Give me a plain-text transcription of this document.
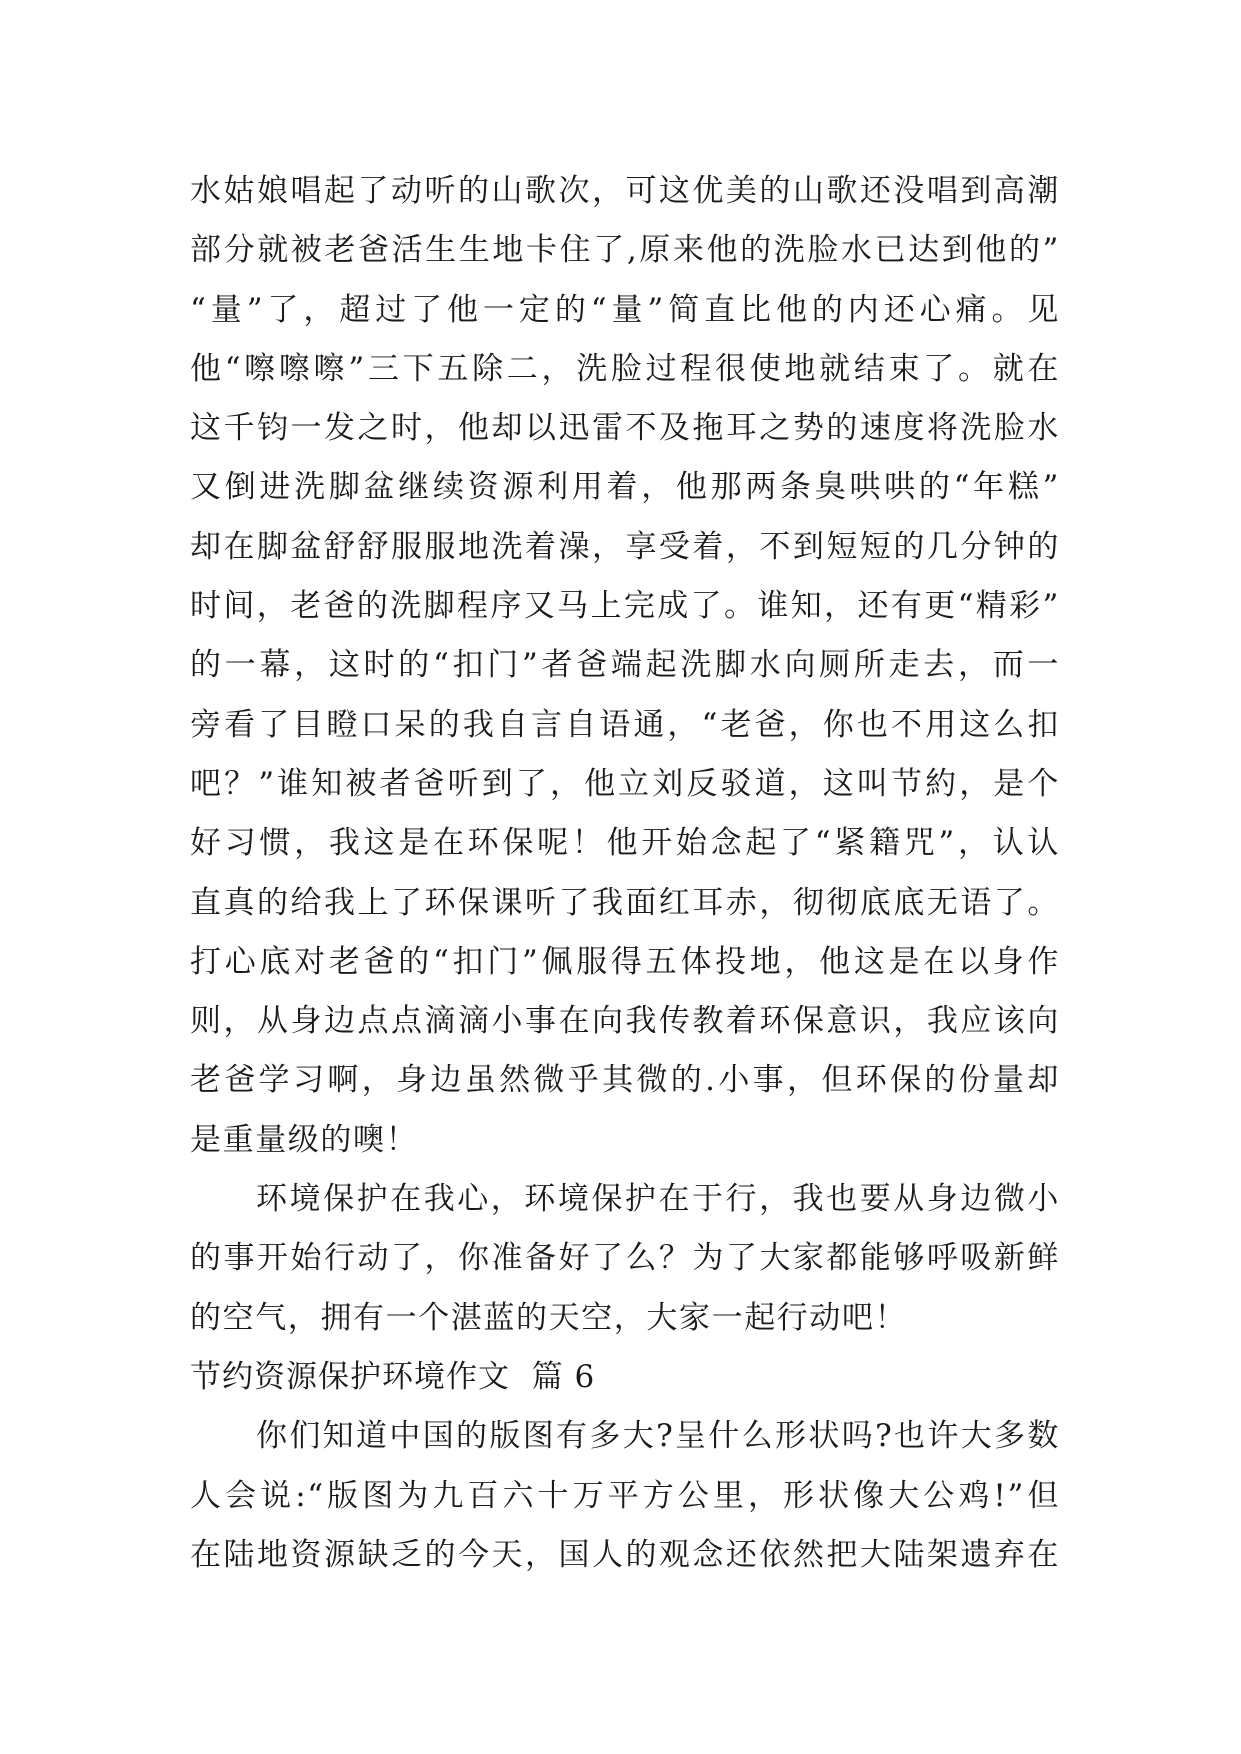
水姑娘唱起了动听的山歌次，可这优美的山歌还没唱到高潮
部分就被老爸活生生地卡住了,原来他的洗脸水已达到他的”
“量”了，超过了他一定的“量”简直比他的内还心痛。见
他“嚓嚓嚓”三下五除二，洗脸过程很使地就结束了。就在
这千钧一发之时，他却以迅雷不及拖耳之势的速度将洗脸水
又倒进洗脚盆继续资源利用着，他那两条臭哄哄的“年糕”
却在脚盆舒舒服服地洗着澡，享受着，不到短短的几分钟的
时间，老爸的洗脚程序又马上完成了。谁知，还有更“精彩”
的一幕，这时的“扣门”者爸端起洗脚水向厕所走去，而一
旁看了目瞪口呆的我自言自语通，“老爸，你也不用这么扣
吧？”谁知被者爸听到了，他立刘反驳道，这叫节約，是个
好习惯，我这是在环保呢！他开始念起了“紧籍咒”，认认
直真的给我上了环保课听了我面红耳赤，彻彻底底无语了。
打心底对老爸的“扣门”佩服得五体投地，他这是在以身作
则，从身边点点滴滴小事在向我传教着环保意识，我应该向
老爸学习啊，身边虽然微乎其微的.小事，但环保的份量却
是重量级的噢！
环境保护在我心，环境保护在于行，我也要从身边微小
的事开始行动了，你准备好了么？为了大家都能够呼吸新鲜
的空气，拥有一个湛蓝的天空，大家一起行动吧！
节约资源保护环境作文  篇 6
你们知道中国的版图有多大?呈什么形状吗?也许大多数
人会说:“版图为九百六十万平方公里，形状像大公鸡!”但
在陆地资源缺乏的今天，国人的观念还依然把大陆架遗弃在
